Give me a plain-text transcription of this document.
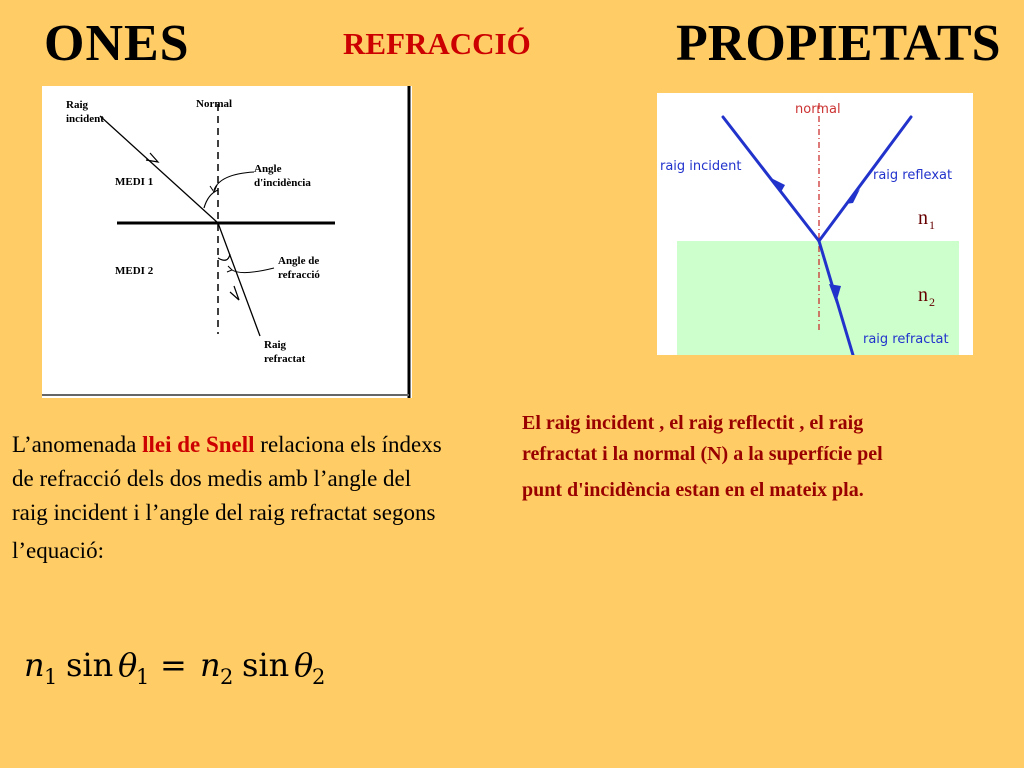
ONES	REFRACCIÓ	PROPIETATS
Raig
incident
Normal
Angle
d'incidència
MEDI 1
MEDI 2
Angle de
refracció
Raig
refractat
raig incident
raig reflexat
raig refractat
normal
n 1
n 2
L’anomenada llei de Snell relaciona els índexs de refracció dels dos medis amb l’angle del raig incident i l’angle del raig refractat segons
l’equació:
El raig incident , el raig reflectit , el raig
refractat i la normal (N) a la superfície pel
punt d'incidència estan en el mateix pla.
n 1 sin θ
1 = n 2 sin θ
2
